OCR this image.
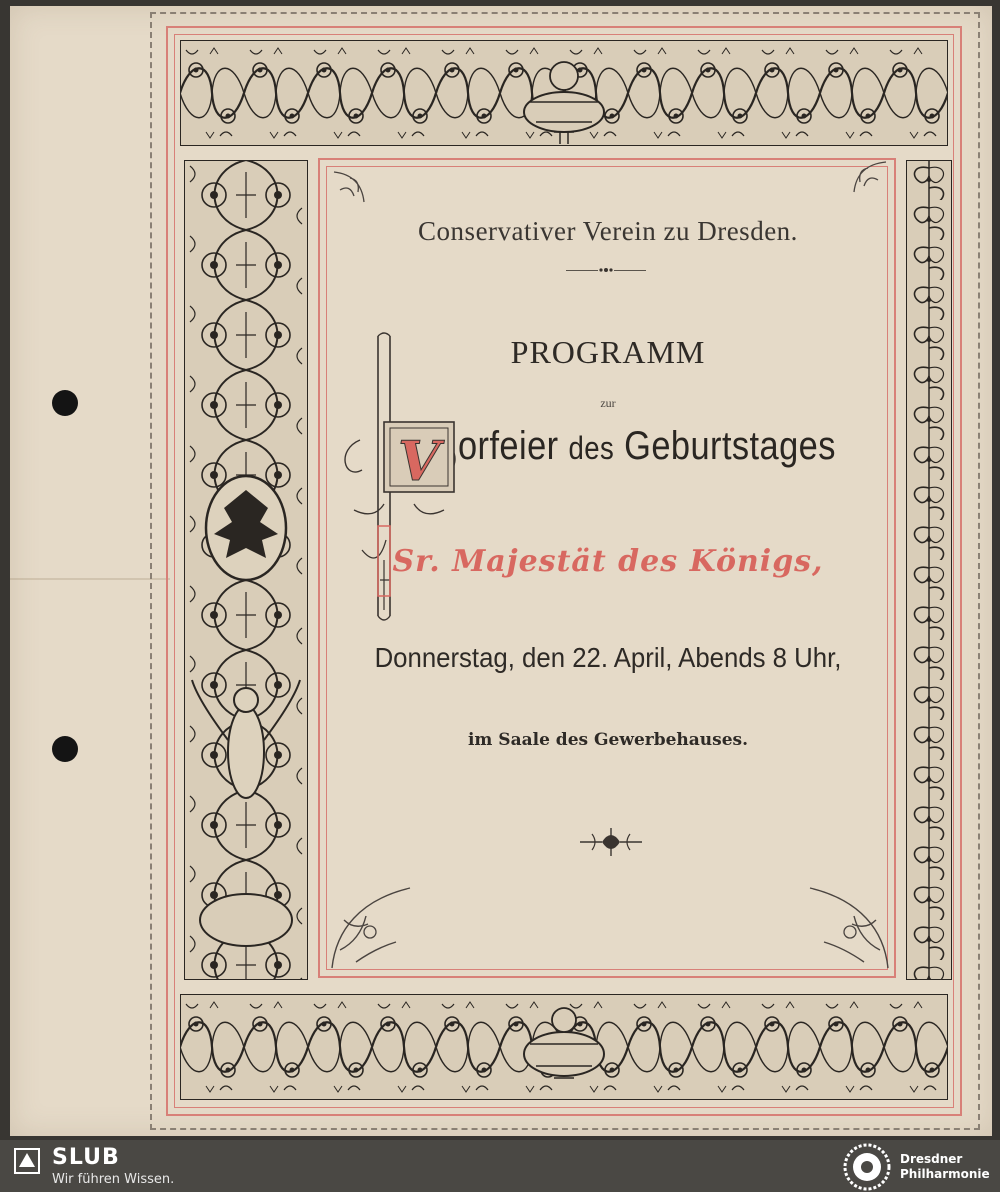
Conservativer Verein zu Dresden.
PROGRAMM
zur
V orfeier des Geburtstages
Sr. Majestät des Königs,
Donnerstag, den 22. April, Abends 8 Uhr,
im Saale des Gewerbehauses.
SLUB
Wir führen Wissen.
Dresdner
Philharmonie
